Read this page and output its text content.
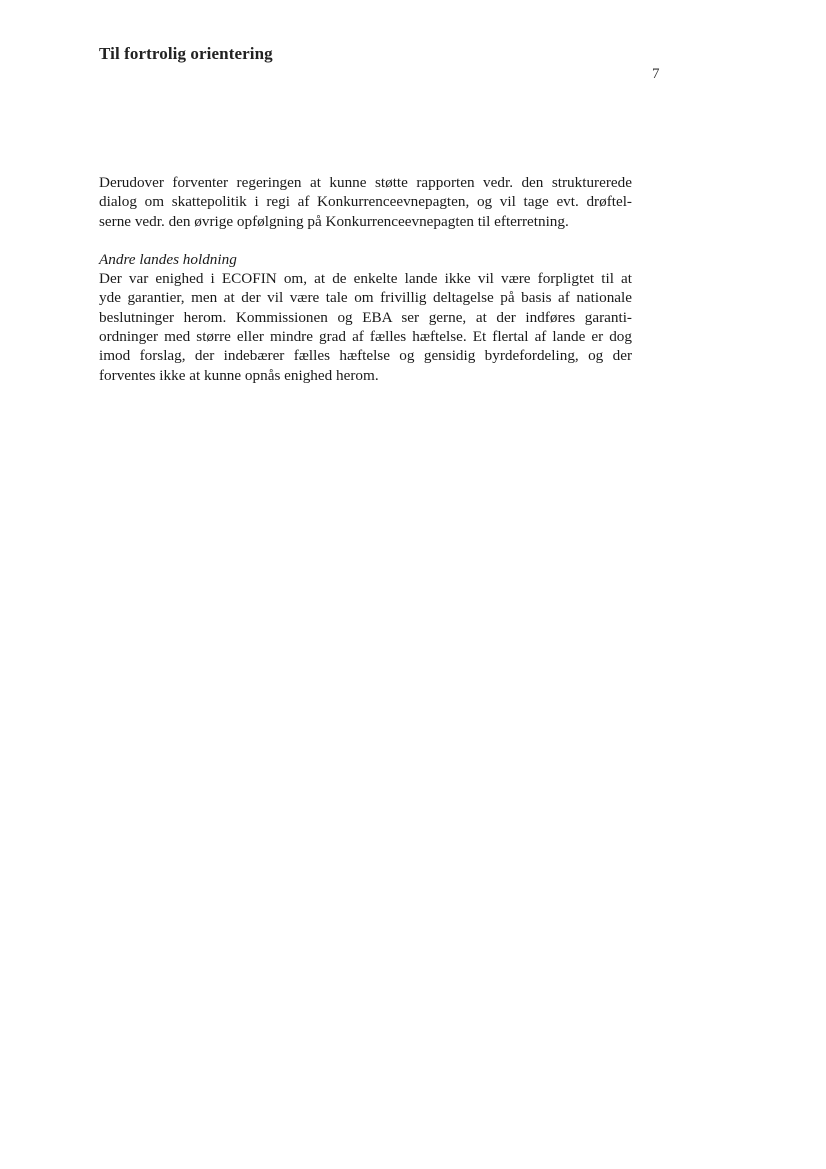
Til fortrolig orientering
7

Derudover forventer regeringen at kunne støtte rapporten vedr. den strukturerede
dialog om skattepolitik i regi af Konkurrenceevnepagten, og vil tage evt. drøftel-
serne vedr. den øvrige opfølgning på Konkurrenceevnepagten til efterretning.

Andre landes holdning

Der var enighed i ECOFIN om, at de enkelte lande ikke vil være forpligtet til at
yde garantier, men at der vil være tale om frivillig deltagelse på basis af nationale
beslutninger herom. Kommissionen og EBA ser gerne, at der indføres garanti-
ordninger med større eller mindre grad af fælles hæftelse. Et flertal af lande er dog
imod forslag, der indebærer fælles hæftelse og gensidig byrdefordeling, og der
forventes ikke at kunne opnås enighed herom.
